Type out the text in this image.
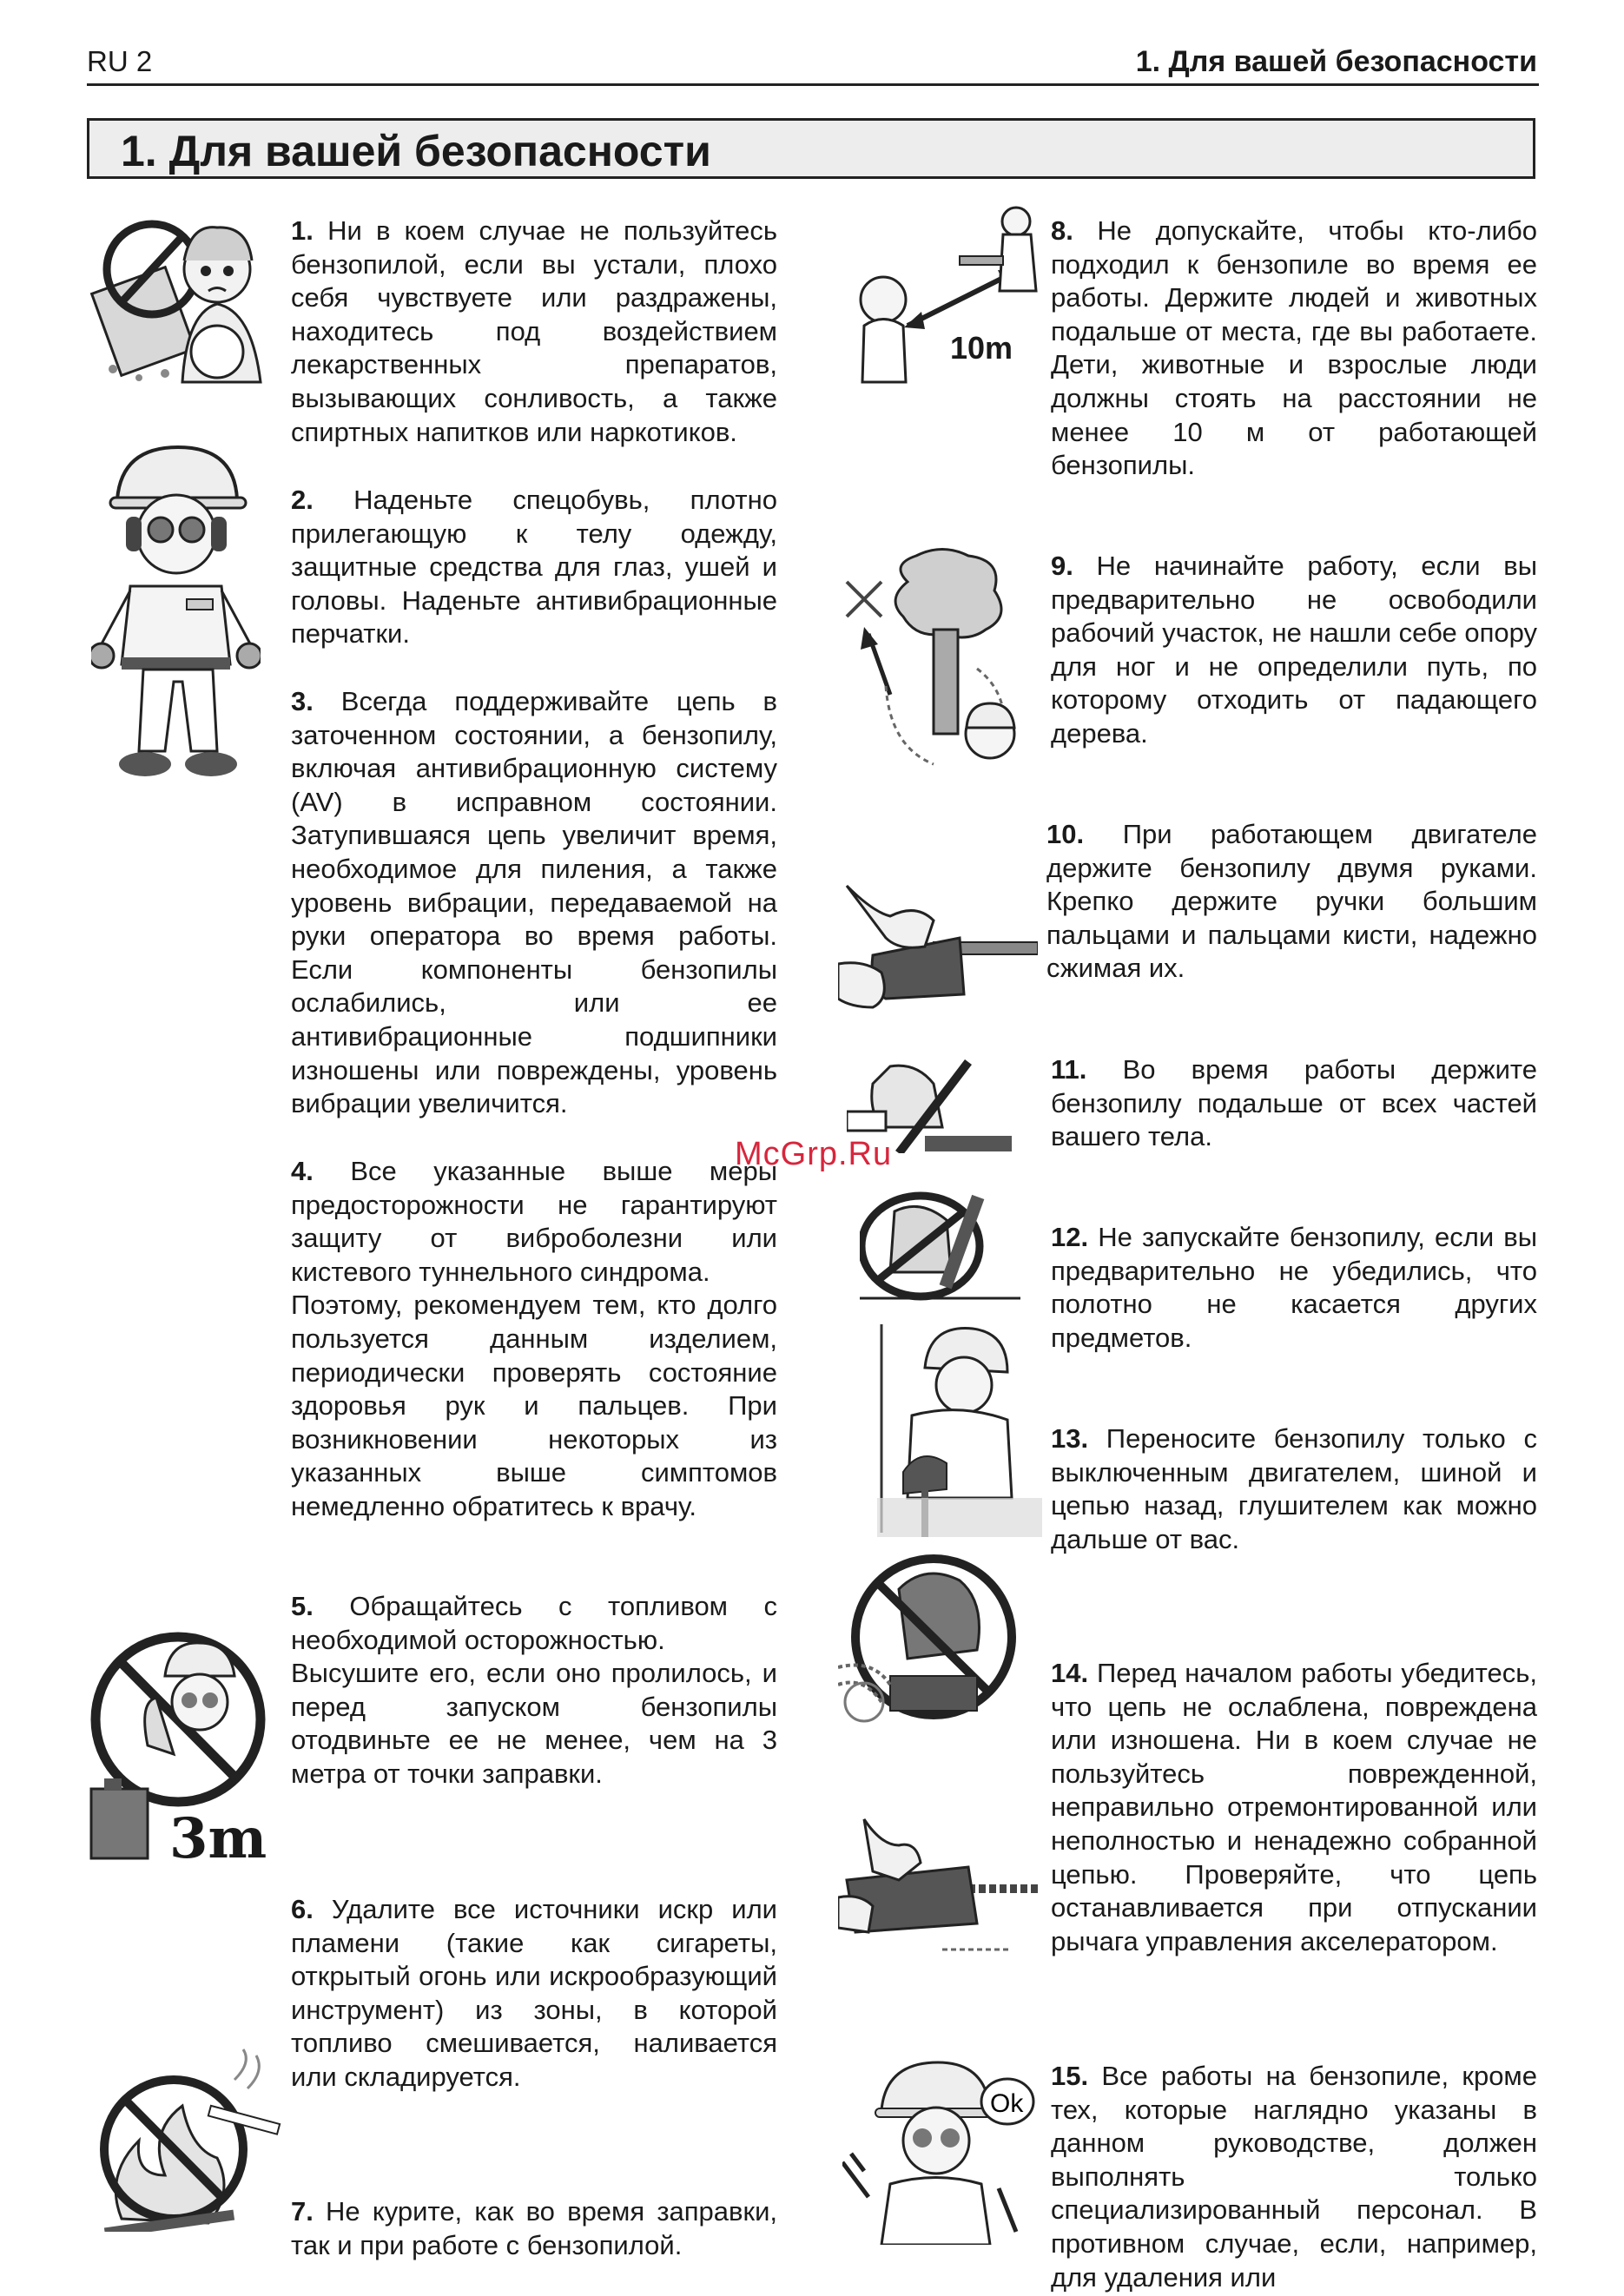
RU 2	1. Для вашей безопасности
1. Для вашей безопасности
1. Ни в коем случае не пользуйтесь бензопилой, если вы устали, плохо себя чувствуете или раздражены, находитесь под воздействием лекарственных препаратов, вызывающих сонливость, а также спиртных напитков или наркотиков.
2. Наденьте спецобувь, плотно прилегающую к телу одежду, защитные средства для глаз, ушей и головы. Наденьте антивибрационные перчатки.
3. Всегда поддерживайте цепь в заточенном состоянии, а бензопилу, включая антивибрационную систему (AV) в исправном состоянии. Затупившаяся цепь увеличит время, необходимое для пиления, а также уровень вибрации, передаваемой на руки оператора во время работы. Если компоненты бензопилы ослабились, или ее антивибрационные подшипники изношены или повреждены, уровень вибрации увеличится.

4. Все указанные выше меры предосторожности не гарантируют защиту от виброболезни или кистевого туннельного синдрома.

Поэтому, рекомендуем тем, кто долго пользуется данным изделием, периодически проверять состояние здоровья рук и пальцев. При возникновении некоторых из указанных выше симптомов немедленно обратитесь к врачу.

5. Обращайтесь с топливом с необходимой осторожностью.

Высушите его, если оно пролилось, и перед запуском бензопилы отодвиньте ее не менее, чем на 3 метра от точки заправки.

6. Удалите все источники искр или пламени (такие как сигареты, открытый огонь или искрообразующий инструмент) из зоны, в которой топливо смешивается, наливается или складируется.
7. Не курите, как во время заправки, так и при работе с бензопилой.
8. Не допускайте, чтобы кто-либо подходил к бензопиле во время ее работы. Держите людей и животных подальше от места, где вы работаете. Дети, животные и взрослые люди должны стоять на расстоянии не менее 10 м от работающей бензопилы.
9. Не начинайте работу, если вы предварительно не освободили рабочий участок, не нашли себе опору для ног и не определили путь, по которому отходить от падающего дерева.
10. При работающем двигателе держите бензопилу двумя руками. Крепко держите ручки большим пальцами и пальцами кисти, надежно сжимая их.
11. Во время работы держите бензопилу подальше от всех частей вашего тела.
12. Не запускайте бензопилу, если вы предварительно не убедились, что полотно не касается других предметов.
13. Переносите бензопилу только с выключенным двигателем, шиной и цепью назад, глушителем как можно дальше от вас.
14. Перед началом работы убедитесь, что цепь не ослаблена, повреждена или изношена. Ни в коем случае не пользуйтесь поврежденной, неправильно отремонтированной или неполностью и ненадежно собранной цепью. Проверяйте, что цепь останавливается при отпускании рычага управления акселератором.
15. Все работы на бензопиле, кроме тех, которые наглядно указаны в данном руководстве, должен выполнять только специализированный персонал. В противном случае, если, например, для удаления или
McGrp.Ru
3m
10m
Ok
